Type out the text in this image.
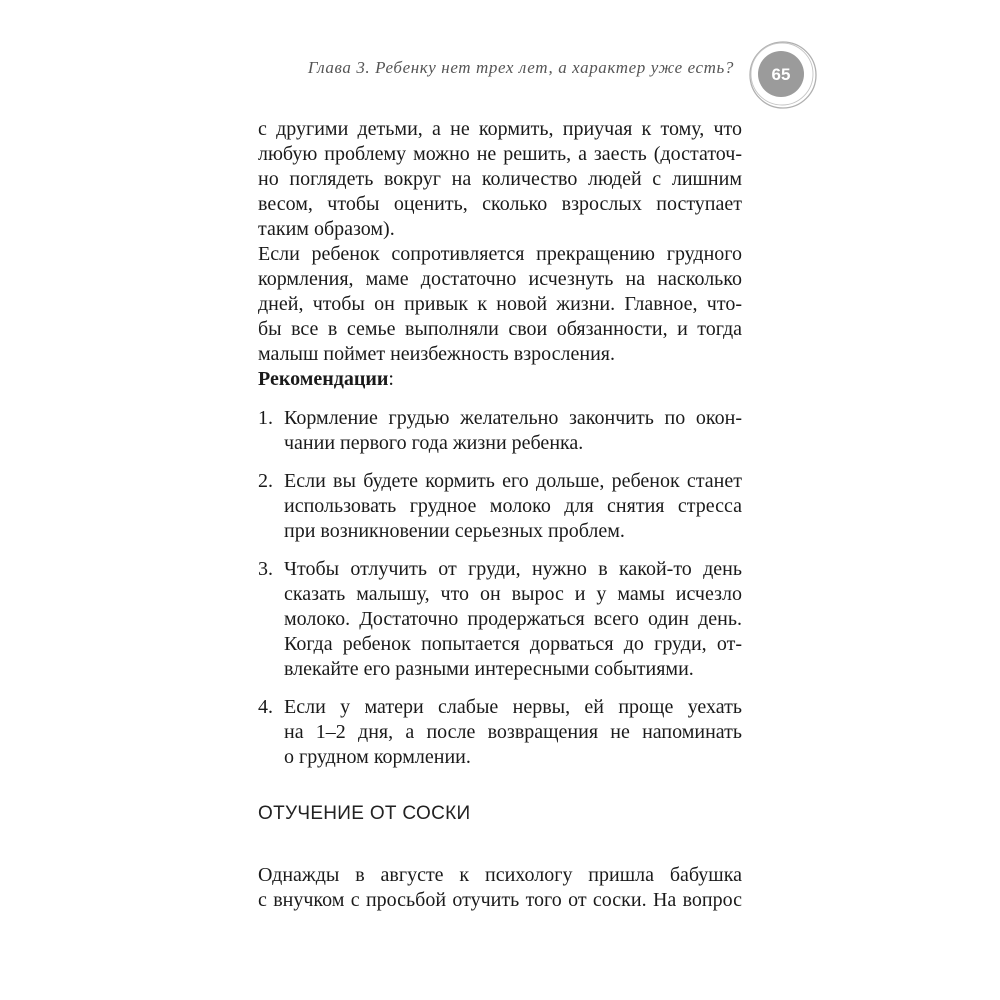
Глава 3. Ребенку нет трех лет, а характер уже есть? 65

с другими детьми, а не кормить, приучая к тому, что
любую проблему можно не решить, а заесть (достаточ-
но поглядеть вокруг на количество людей с лишним
весом, чтобы оценить, сколько взрослых поступает
таким образом).

Если ребенок сопротивляется прекращению грудного
кормления, маме достаточно исчезнуть на насколько
дней, чтобы он привык к новой жизни. Главное, что-
бы все в семье выполняли свои обязанности, и тогда
малыш поймет неизбежность взросления.

Рекомендации:
1. Кормление грудью желательно закончить по окон-
чании первого года жизни ребенка.
2. Если вы будете кормить его дольше, ребенок станет
использовать грудное молоко для снятия стресса
при возникновении серьезных проблем.
3. Чтобы отлучить от груди, нужно в какой-то день
сказать малышу, что он вырос и у мамы исчезло
молоко. Достаточно продержаться всего один день.
Когда ребенок попытается дорваться до груди, от-
влекайте его разными интересными событиями.
4. Если у матери слабые нервы, ей проще уехать
на 1–2 дня, а после возвращения не напоминать
о грудном кормлении.
ОТУЧЕНИЕ ОТ СОСКИ

Однажды в августе к психологу пришла бабушка
с внучком с просьбой отучить того от соски. На вопрос
